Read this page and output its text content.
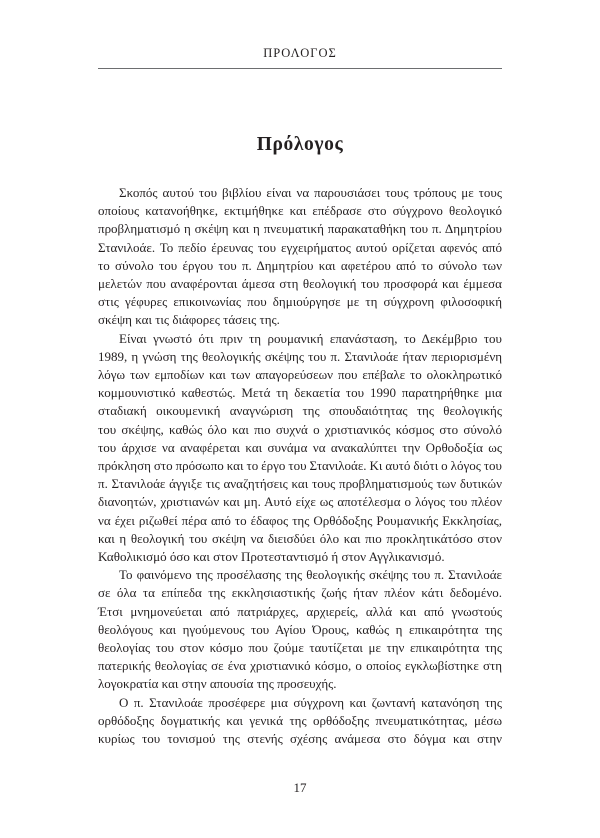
ΠΡΟΛΟΓΟΣ
Πρόλογος
Σκοπός αυτού του βιβλίου είναι να παρουσιάσει τους τρόπους με τους
οποίους κατανοήθηκε, εκτιμήθηκε και επέδρασε στο σύγχρονο θεολογικό
προβληματισμό η σκέψη και η πνευματική παρακαταθήκη του π. Δημητρίου
Στανιλοάε. Το πεδίο έρευνας του εγχειρήματος αυτού ορίζεται αφενός από
το σύνολο του έργου του π. Δημητρίου και αφετέρου από το σύνολο των
μελετών που αναφέρονται άμεσα στη θεολογική του προσφορά και έμμεσα
στις γέφυρες επικοινωνίας που δημιούργησε με τη σύγχρονη φιλοσοφική
σκέψη και τις διάφορες τάσεις της.
Είναι γνωστό ότι πριν τη ρουμανική επανάσταση, το Δεκέμβριο του
1989, η γνώση της θεολογικής σκέψης του π. Στανιλοάε ήταν περιορισμένη
λόγω των εμποδίων και των απαγορεύσεων που επέβαλε το ολοκληρωτικό
κομμουνιστικό καθεστώς. Μετά τη δεκαετία του 1990 παρατηρήθηκε μια
σταδιακή οικουμενική αναγνώριση της σπουδαιότητας της θεολογικής
του σκέψης, καθώς όλο και πιο συχνά ο χριστιανικός κόσμος στο σύνολό
του άρχισε να αναφέρεται και συνάμα να ανακαλύπτει την Ορθοδοξία ως
πρόκληση στο πρόσωπο και το έργο του Στανιλοάε. Κι αυτό διότι ο λόγος του
π. Στανιλοάε άγγιξε τις αναζητήσεις και τους προβληματισμούς των δυτικών
διανοητών, χριστιανών και μη. Αυτό είχε ως αποτέλεσμα ο λόγος του πλέον
να έχει ριζωθεί πέρα από το έδαφος της Ορθόδοξης Ρουμανικής Εκκλησίας,
και η θεολογική του σκέψη να διεισδύει όλο και πιο προκλητικάτόσο στον
Καθολικισμό όσο και στον Προτεσταντισμό ή στον Αγγλικανισμό.
Το φαινόμενο της προσέλασης της θεολογικής σκέψης του π. Στανιλοάε
σε όλα τα επίπεδα της εκκλησιαστικής ζωής ήταν πλέον κάτι δεδομένο.
Έτσι μνημονεύεται από πατριάρχες, αρχιερείς, αλλά και από γνωστούς
θεολόγους και ηγούμενους του Αγίου Όρους, καθώς η επικαιρότητα της
θεολογίας του στον κόσμο που ζούμε ταυτίζεται με την επικαιρότητα της
πατερικής θεολογίας σε ένα χριστιανικό κόσμο, ο οποίος εγκλωβίστηκε στη
λογοκρατία και στην απουσία της προσευχής.
Ο π. Στανιλοάε προσέφερε μια σύγχρονη και ζωντανή κατανόηση της
ορθόδοξης δογματικής και γενικά της ορθόδοξης πνευματικότητας, μέσω
κυρίως του τονισμού της στενής σχέσης ανάμεσα στο δόγμα και στην
17
